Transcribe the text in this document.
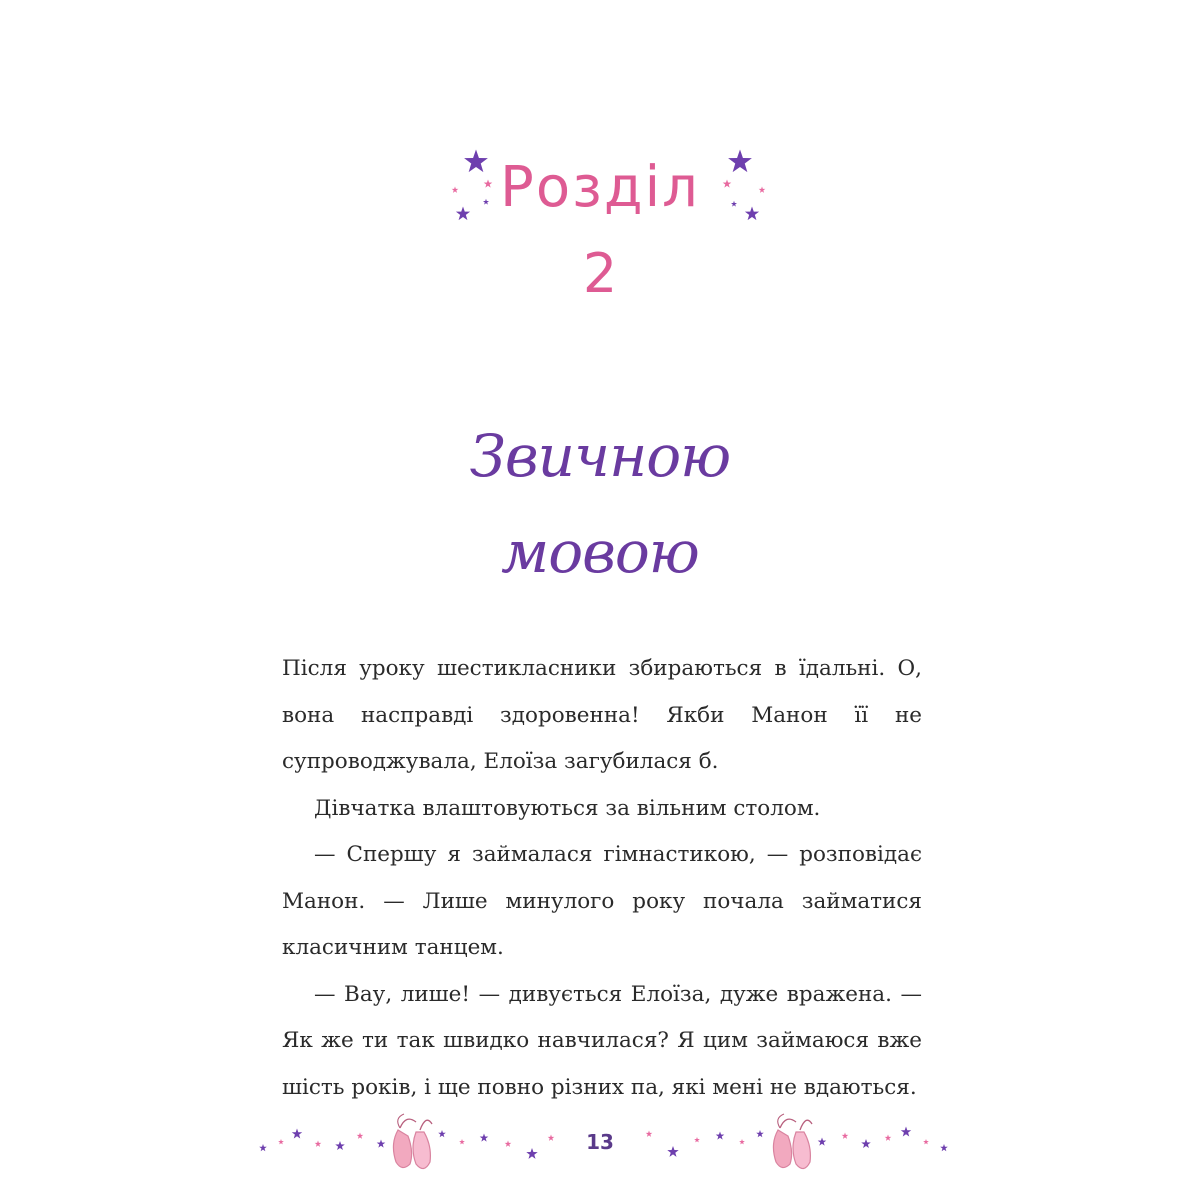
Розділ
2
Звичною
мовою

Після уроку шестикласники збираються в їдальні. О, вона насправді здоровенна! Якби Манон її не супроводжувала, Елоїза загубилася б.

Дівчатка влаштовуються за вільним столом.

— Спершу я займалася гімнастикою, — розповідає Манон. — Лише минулого року почала займатися класичним танцем.

— Вау, лише! — дивується Елоїза, дуже вражена. — Як же ти так швидко навчилася? Я цим займаюся вже шість років, і ще повно різних па, які мені не вдаються.

13
